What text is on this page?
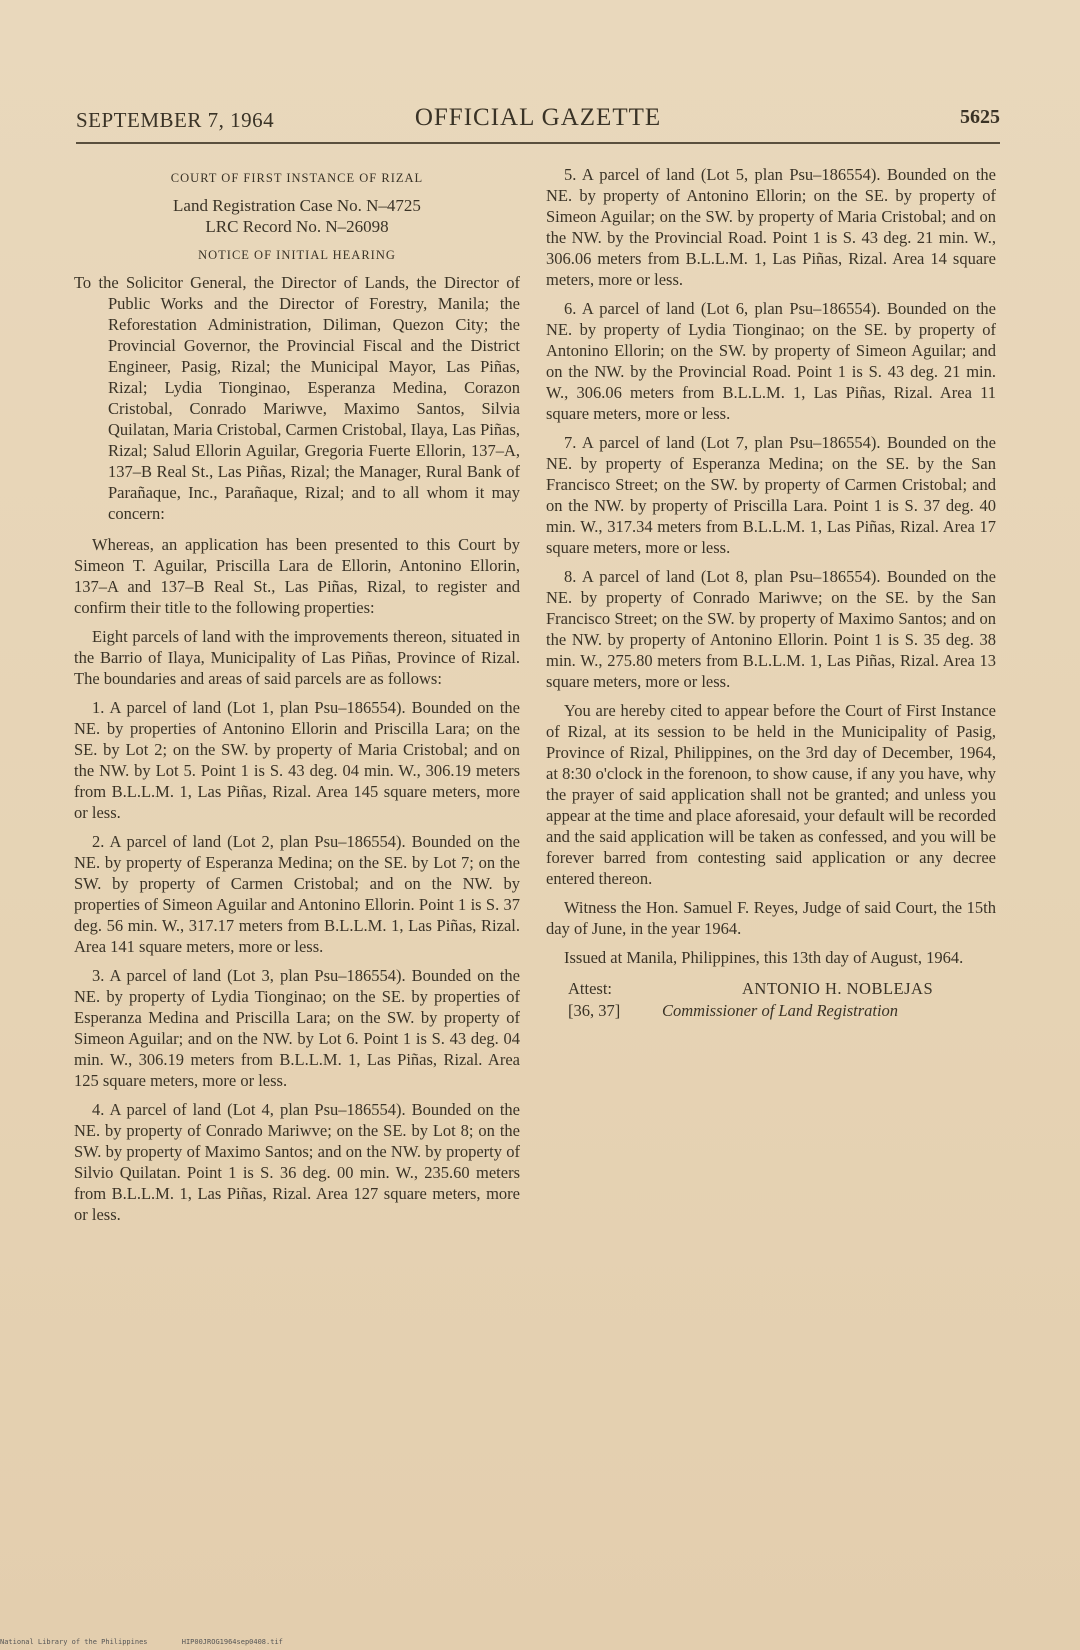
SEPTEMBER 7, 1964	OFFICIAL GAZETTE	5625
COURT OF FIRST INSTANCE OF RIZAL
Land Registration Case No. N–4725
LRC Record No. N–26098
NOTICE OF INITIAL HEARING
To the Solicitor General, the Director of Lands, the Director of Public Works and the Director of Forestry, Manila; the Reforestation Administration, Diliman, Quezon City; the Provincial Governor, the Provincial Fiscal and the District Engineer, Pasig, Rizal; the Municipal Mayor, Las Piñas, Rizal; Lydia Tionginao, Esperanza Medina, Corazon Cristobal, Conrado Mariwve, Maximo Santos, Silvia Quilatan, Maria Cristobal, Carmen Cristobal, Ilaya, Las Piñas, Rizal; Salud Ellorin Aguilar, Gregoria Fuerte Ellorin, 137–A, 137–B Real St., Las Piñas, Rizal; the Manager, Rural Bank of Parañaque, Inc., Parañaque, Rizal; and to all whom it may concern:

Whereas, an application has been presented to this Court by Simeon T. Aguilar, Priscilla Lara de Ellorin, Antonino Ellorin, 137–A and 137–B Real St., Las Piñas, Rizal, to register and confirm their title to the following properties:

Eight parcels of land with the improvements thereon, situated in the Barrio of Ilaya, Municipality of Las Piñas, Province of Rizal. The boundaries and areas of said parcels are as follows:

1. A parcel of land (Lot 1, plan Psu–186554). Bounded on the NE. by properties of Antonino Ellorin and Priscilla Lara; on the SE. by Lot 2; on the SW. by property of Maria Cristobal; and on the NW. by Lot 5. Point 1 is S. 43 deg. 04 min. W., 306.19 meters from B.L.L.M. 1, Las Piñas, Rizal. Area 145 square meters, more or less.

2. A parcel of land (Lot 2, plan Psu–186554). Bounded on the NE. by property of Esperanza Medina; on the SE. by Lot 7; on the SW. by property of Carmen Cristobal; and on the NW. by properties of Simeon Aguilar and Antonino Ellorin. Point 1 is S. 37 deg. 56 min. W., 317.17 meters from B.L.L.M. 1, Las Piñas, Rizal. Area 141 square meters, more or less.

3. A parcel of land (Lot 3, plan Psu–186554). Bounded on the NE. by property of Lydia Tionginao; on the SE. by properties of Esperanza Medina and Priscilla Lara; on the SW. by property of Simeon Aguilar; and on the NW. by Lot 6. Point 1 is S. 43 deg. 04 min. W., 306.19 meters from B.L.L.M. 1, Las Piñas, Rizal. Area 125 square meters, more or less.

4. A parcel of land (Lot 4, plan Psu–186554). Bounded on the NE. by property of Conrado Mariwve; on the SE. by Lot 8; on the SW. by property of Maximo Santos; and on the NW. by property of Silvio Quilatan. Point 1 is S. 36 deg. 00 min. W., 235.60 meters from B.L.L.M. 1, Las Piñas, Rizal. Area 127 square meters, more or less.

5. A parcel of land (Lot 5, plan Psu–186554). Bounded on the NE. by property of Antonino Ellorin; on the SE. by property of Simeon Aguilar; on the SW. by property of Maria Cristobal; and on the NW. by the Provincial Road. Point 1 is S. 43 deg. 21 min. W., 306.06 meters from B.L.L.M. 1, Las Piñas, Rizal. Area 14 square meters, more or less.

6. A parcel of land (Lot 6, plan Psu–186554). Bounded on the NE. by property of Lydia Tionginao; on the SE. by property of Antonino Ellorin; on the SW. by property of Simeon Aguilar; and on the NW. by the Provincial Road. Point 1 is S. 43 deg. 21 min. W., 306.06 meters from B.L.L.M. 1, Las Piñas, Rizal. Area 11 square meters, more or less.

7. A parcel of land (Lot 7, plan Psu–186554). Bounded on the NE. by property of Esperanza Medina; on the SE. by the San Francisco Street; on the SW. by property of Carmen Cristobal; and on the NW. by property of Priscilla Lara. Point 1 is S. 37 deg. 40 min. W., 317.34 meters from B.L.L.M. 1, Las Piñas, Rizal. Area 17 square meters, more or less.

8. A parcel of land (Lot 8, plan Psu–186554). Bounded on the NE. by property of Conrado Mariwve; on the SE. by the San Francisco Street; on the SW. by property of Maximo Santos; and on the NW. by property of Antonino Ellorin. Point 1 is S. 35 deg. 38 min. W., 275.80 meters from B.L.L.M. 1, Las Piñas, Rizal. Area 13 square meters, more or less.

You are hereby cited to appear before the Court of First Instance of Rizal, at its session to be held in the Municipality of Pasig, Province of Rizal, Philippines, on the 3rd day of December, 1964, at 8:30 o'clock in the forenoon, to show cause, if any you have, why the prayer of said application shall not be granted; and unless you appear at the time and place aforesaid, your default will be recorded and the said application will be taken as confessed, and you will be forever barred from contesting said application or any decree entered thereon.

Witness the Hon. Samuel F. Reyes, Judge of said Court, the 15th day of June, in the year 1964.

Issued at Manila, Philippines, this 13th day of August, 1964.

Attest:	ANTONIO H. NOBLEJAS
[36, 37]	Commissioner of Land Registration
National Library of the Philippines	HIP00JROG1964sep0408.tif
